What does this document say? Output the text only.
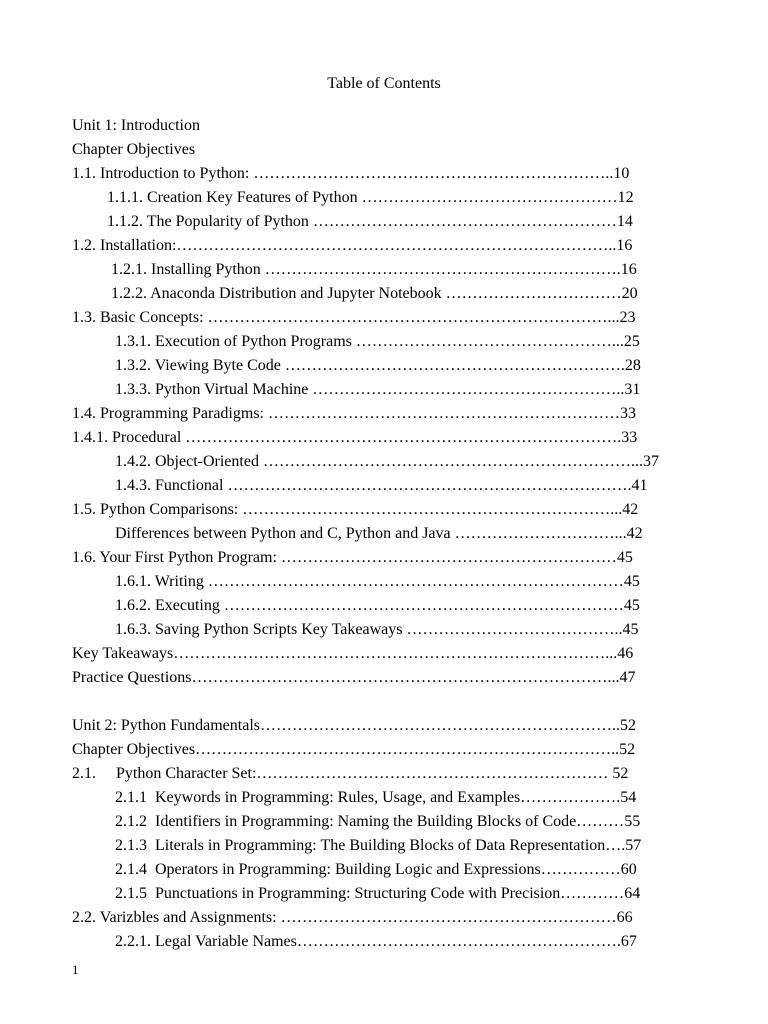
Table of Contents
Unit 1: Introduction
Chapter Objectives
1.1. Introduction to Python: …………………………………………………………..10
1.1.1. Creation Key Features of Python …………………………………………12
1.1.2. The Popularity of Python …………………………………………………14
1.2. Installation:………………………………………………………………………..16
1.2.1. Installing Python ………………………………………………………….16
1.2.2. Anaconda Distribution and Jupyter Notebook ……………………………20
1.3. Basic Concepts: …………………………………………………………………...23
1.3.1. Execution of Python Programs …………………………………………...25
1.3.2. Viewing Byte Code ……………………………………………………….28
1.3.3. Python Virtual Machine …………………………………………………..31
1.4. Programming Paradigms: …………………………………………………………33
1.4.1. Procedural ……………………………………………………………………….33
1.4.2. Object-Oriented ……………………………………………………………...37
1.4.3. Functional ………………………………………………………………….41
1.5. Python Comparisons: ……………………………………………………………...42
Differences between Python and C, Python and Java …………………………...42
1.6. Your First Python Program: ………………………………………………………45
1.6.1. Writing ……………………………………………………………………45
1.6.2. Executing …………………………………………………………………45
1.6.3. Saving Python Scripts Key Takeaways …………………………………..45
Key Takeaways………………………………………………………………………...46
Practice Questions……………………………………………………………………...47
Unit 2: Python Fundamentals…………………………………………………………..52
Chapter Objectives……………………………………………………………………..52
2.1.     Python Character Set:………………………………………………………… 52
2.1.1  Keywords in Programming: Rules, Usage, and Examples……………….54
2.1.2  Identifiers in Programming: Naming the Building Blocks of Code………55
2.1.3  Literals in Programming: The Building Blocks of Data Representation….57
2.1.4  Operators in Programming: Building Logic and Expressions……………60
2.1.5  Punctuations in Programming: Structuring Code with Precision…………64
2.2. Varizbles and Assignments: ………………………………………………………66
2.2.1. Legal Variable Names…………………………………………………….67
1
